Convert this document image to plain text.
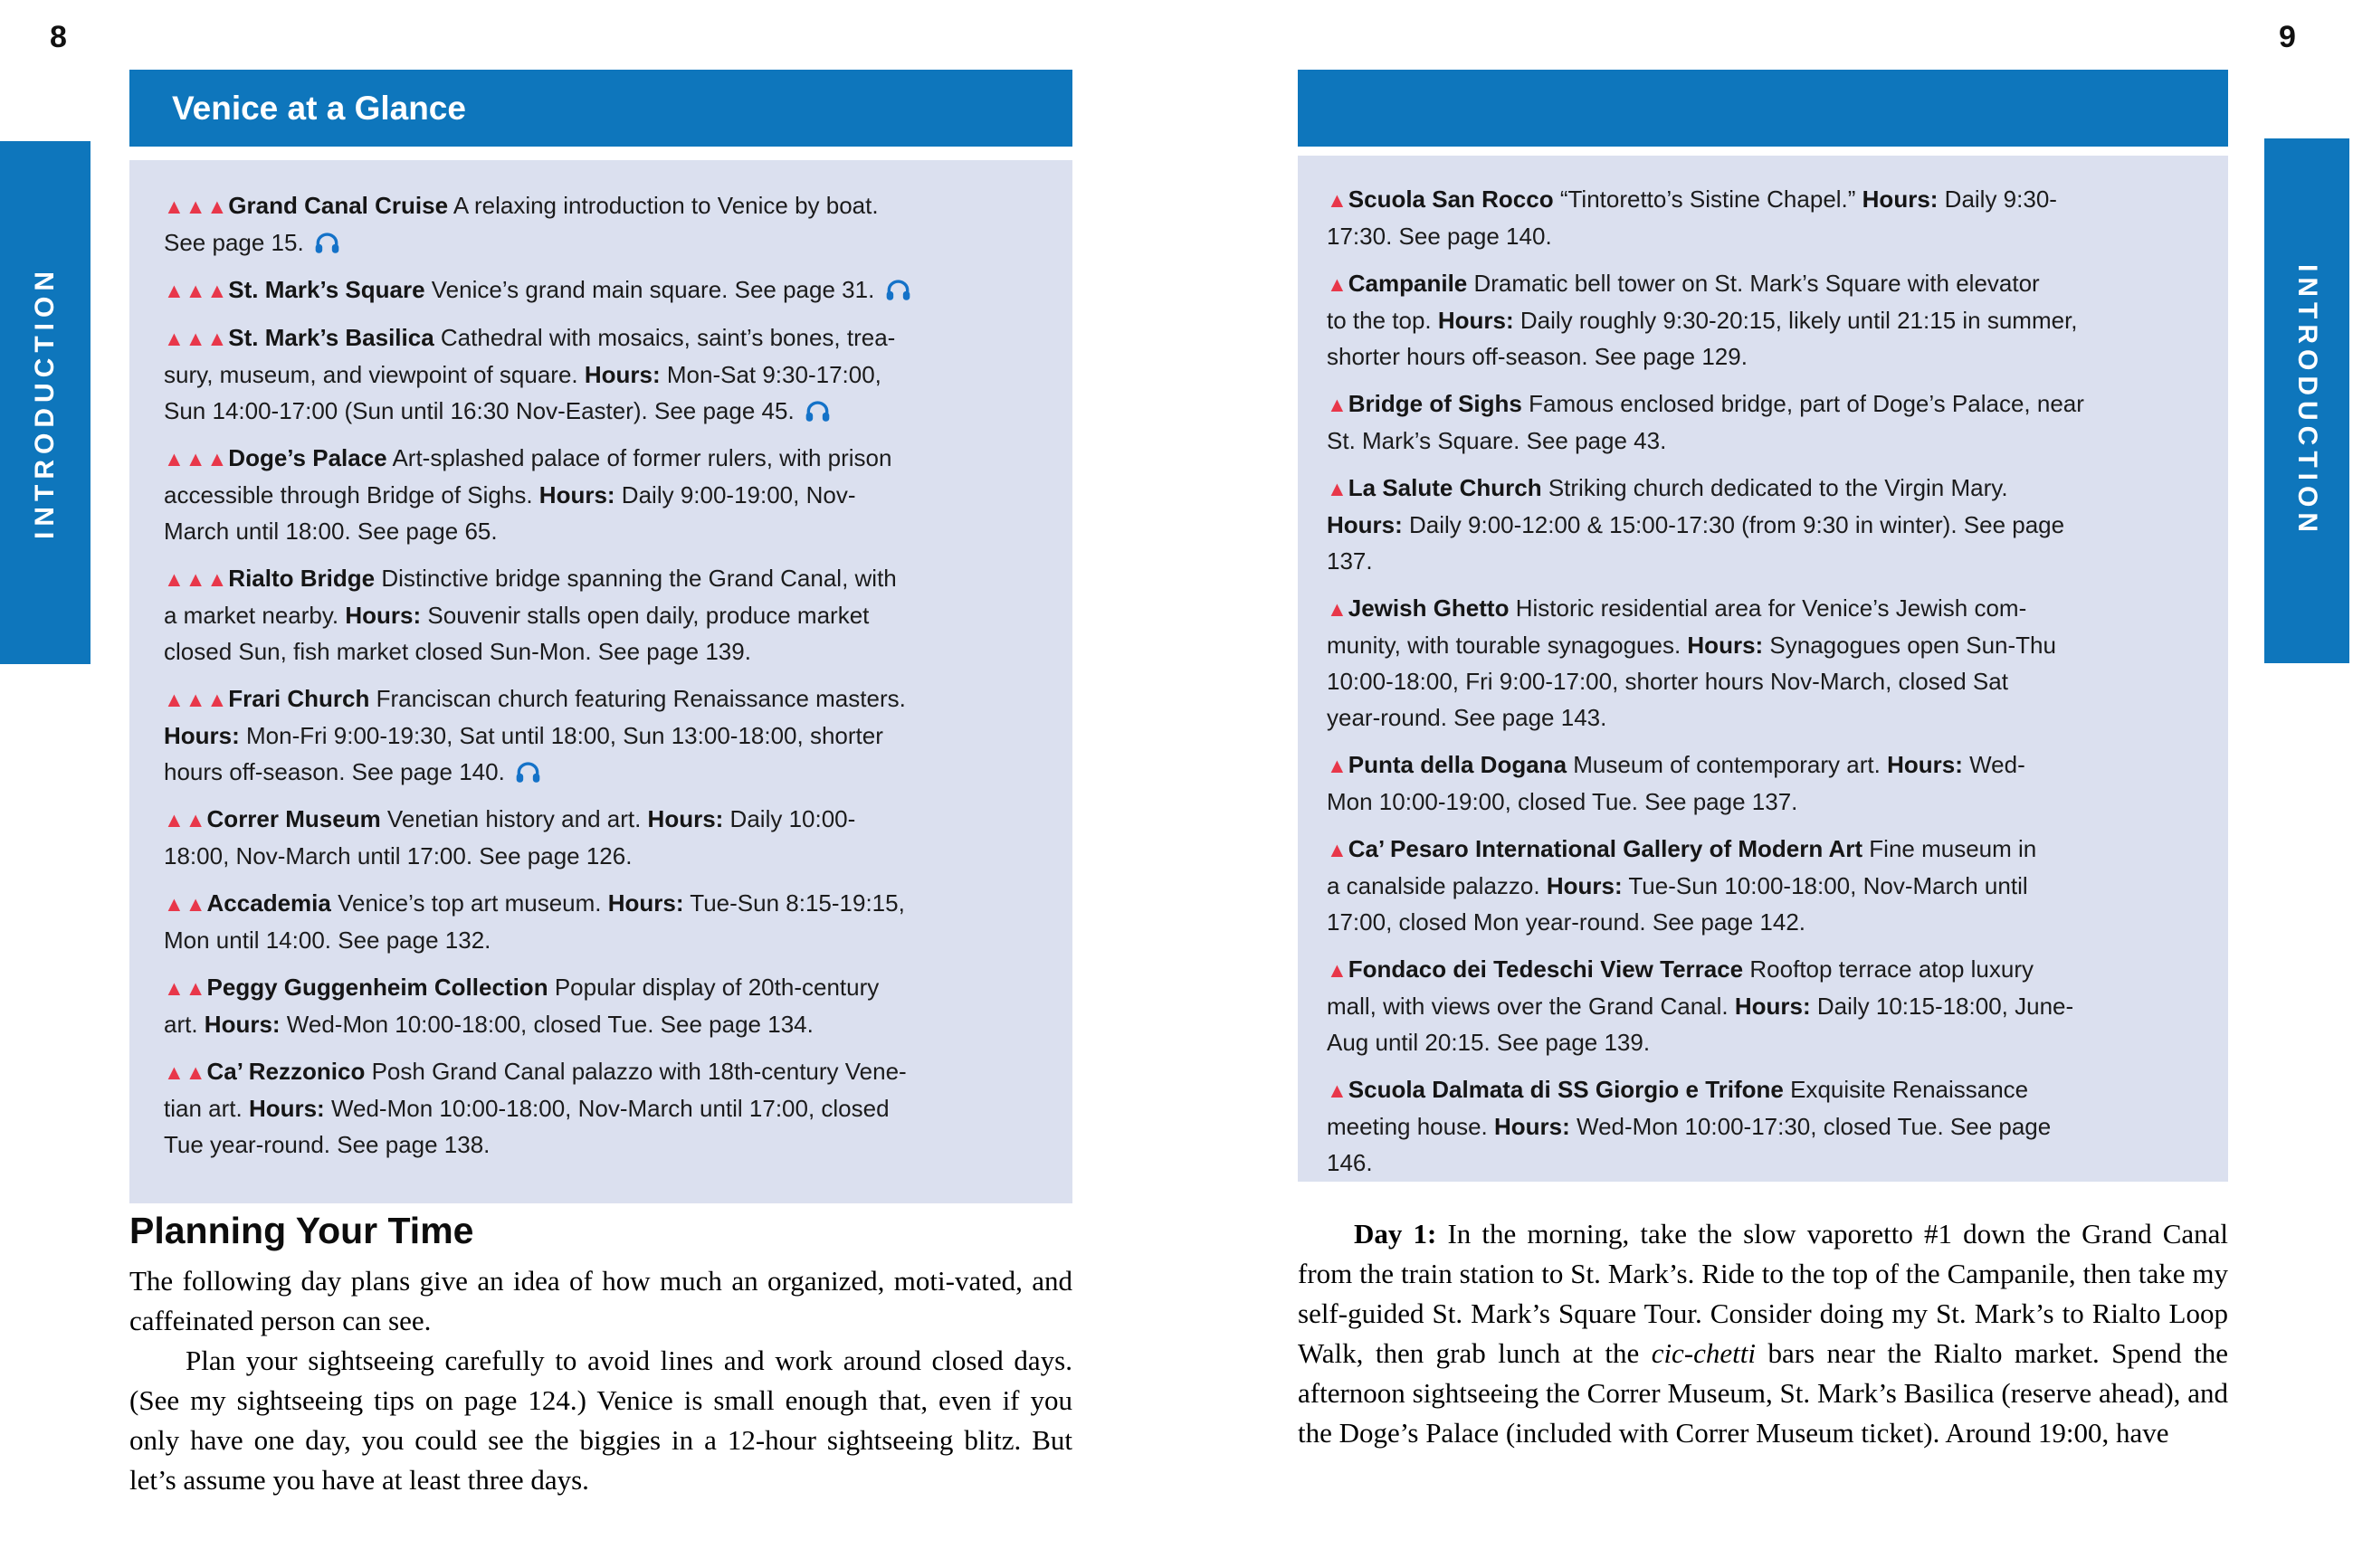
8	9
INTRODUCTION	INTRODUCTION
Venice at a Glance
▲▲▲Grand Canal Cruise A relaxing introduction to Venice by boat.
See page 15.
▲▲▲St. Mark’s Square Venice’s grand main square. See page 31.
▲▲▲St. Mark’s Basilica Cathedral with mosaics, saint’s bones, trea-
sury, museum, and viewpoint of square. Hours: Mon-Sat 9:30-17:00,
Sun 14:00-17:00 (Sun until 16:30 Nov-Easter). See page 45.
▲▲▲Doge’s Palace Art-splashed palace of former rulers, with prison
accessible through Bridge of Sighs. Hours: Daily 9:00-19:00, Nov-
March until 18:00. See page 65.
▲▲▲Rialto Bridge Distinctive bridge spanning the Grand Canal, with
a market nearby. Hours: Souvenir stalls open daily, produce market
closed Sun, fish market closed Sun-Mon. See page 139.
▲▲▲Frari Church Franciscan church featuring Renaissance masters.
Hours: Mon-Fri 9:00-19:30, Sat until 18:00, Sun 13:00-18:00, shorter
hours off-season. See page 140.
▲▲Correr Museum Venetian history and art. Hours: Daily 10:00-
18:00, Nov-March until 17:00. See page 126.
▲▲Accademia Venice’s top art museum. Hours: Tue-Sun 8:15-19:15,
Mon until 14:00. See page 132.
▲▲Peggy Guggenheim Collection Popular display of 20th-century
art. Hours: Wed-Mon 10:00-18:00, closed Tue. See page 134.
▲▲Ca’ Rezzonico Posh Grand Canal palazzo with 18th-century Vene-
tian art. Hours: Wed-Mon 10:00-18:00, Nov-March until 17:00, closed
Tue year-round. See page 138.
▲Scuola San Rocco “Tintoretto’s Sistine Chapel.” Hours: Daily 9:30-
17:30. See page 140.
▲Campanile Dramatic bell tower on St. Mark’s Square with elevator
to the top. Hours: Daily roughly 9:30-20:15, likely until 21:15 in summer,
shorter hours off-season. See page 129.
▲Bridge of Sighs Famous enclosed bridge, part of Doge’s Palace, near
St. Mark’s Square. See page 43.
▲La Salute Church Striking church dedicated to the Virgin Mary.
Hours: Daily 9:00-12:00 & 15:00-17:30 (from 9:30 in winter). See page
137.
▲Jewish Ghetto Historic residential area for Venice’s Jewish com-
munity, with tourable synagogues. Hours: Synagogues open Sun-Thu
10:00-18:00, Fri 9:00-17:00, shorter hours Nov-March, closed Sat
year-round. See page 143.
▲Punta della Dogana Museum of contemporary art. Hours: Wed-
Mon 10:00-19:00, closed Tue. See page 137.
▲Ca’ Pesaro International Gallery of Modern Art Fine museum in
a canalside palazzo. Hours: Tue-Sun 10:00-18:00, Nov-March until
17:00, closed Mon year-round. See page 142.
▲Fondaco dei Tedeschi View Terrace Rooftop terrace atop luxury
mall, with views over the Grand Canal. Hours: Daily 10:15-18:00, June-
Aug until 20:15. See page 139.
▲Scuola Dalmata di SS Giorgio e Trifone Exquisite Renaissance
meeting house. Hours: Wed-Mon 10:00-17:30, closed Tue. See page
146.
Planning Your Time

The following day plans give an idea of how much an organized, moti-vated, and caffeinated person can see.

Plan your sightseeing carefully to avoid lines and work around closed days. (See my sightseeing tips on page 124.) Venice is small enough that, even if you only have one day, you could see the biggies in a 12-hour sightseeing blitz. But let’s assume you have at least three days.

Day 1: In the morning, take the slow vaporetto #1 down the Grand Canal from the train station to St. Mark’s. Ride to the top of the Campanile, then take my self-guided St. Mark’s Square Tour. Consider doing my St. Mark’s to Rialto Loop Walk, then grab lunch at the cic-chetti bars near the Rialto market. Spend the afternoon sightseeing the Correr Museum, St. Mark’s Basilica (reserve ahead), and the Doge’s Palace (included with Correr Museum ticket). Around 19:00, have
